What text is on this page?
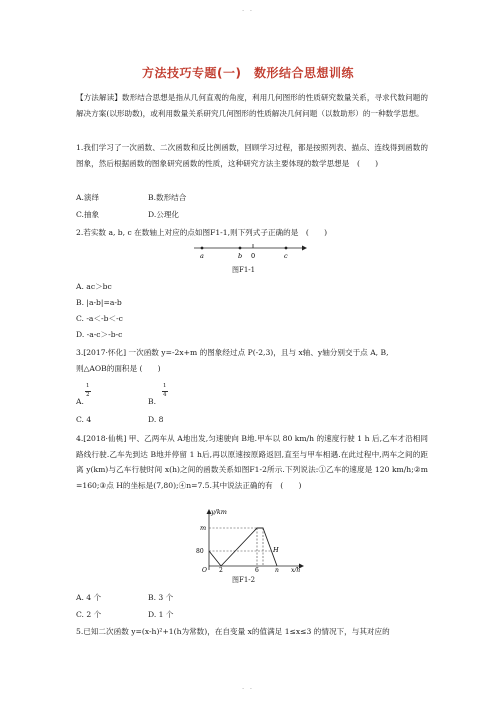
· ·
方法技巧专题(一)　数形结合思想训练
【方法解读】数形结合思想是指从几何直观的角度，利用几何图形的性质研究数量关系，寻求代数问题的解决方案(以形助数)，或利用数量关系研究几何图形的性质解决几何问题（以数助形）的一种数学思想。
1.我们学习了一次函数、二次函数和反比例函数，回顾学习过程，都是按照列表、描点、连线得到函数的图象，然后根据函数的图象研究函数的性质，这种研究方法主要体现的数学思想是　(　　)
A.演绎	B.数形结合
C.抽象	D.公理化
2.若实数 a, b, c 在数轴上对应的点如图F1-1,则下列式子正确的是　(　　)
a	b 0	c
图F1-1
A. ac＞bc
B. |a-b|=a-b
C. -a＜-b＜-c
D. -a-c＞-b-c
3.[2017·怀化] 一次函数 y=-2x+m 的图象经过点 P(-2,3)，且与 x轴、y轴分别交于点 A, B,
则△AOB的面积是 (　　)
A.
1
2
B.
1
4
C. 4	D. 8
4.[2018·仙桃] 甲、乙两车从 A地出发,匀速驶向 B地.甲车以 80 km/h 的速度行驶 1 h 后,乙车才沿相同路线行驶.乙车先到达 B地并停留 1 h后,再以原速按原路返回,直至与甲车相遇.在此过程中,两车之间的距离 y(km)与乙车行驶时间 x(h)之间的函数关系如图F1-2所示.下列说法:①乙车的速度是 120 km/h;②m=160;③点 H的坐标是(7,80);④n=7.5.其中说法正确的有　(　　)
y/km
x/h
m
80
O 2	6	n
H
图F1-2
A. 4 个	B. 3 个
C. 2 个	D. 1 个
5.已知二次函数 y=(x-h)²+1(h为常数)，在自变量 x的值满足 1≤x≤3 的情况下，与其对应的
· ·
